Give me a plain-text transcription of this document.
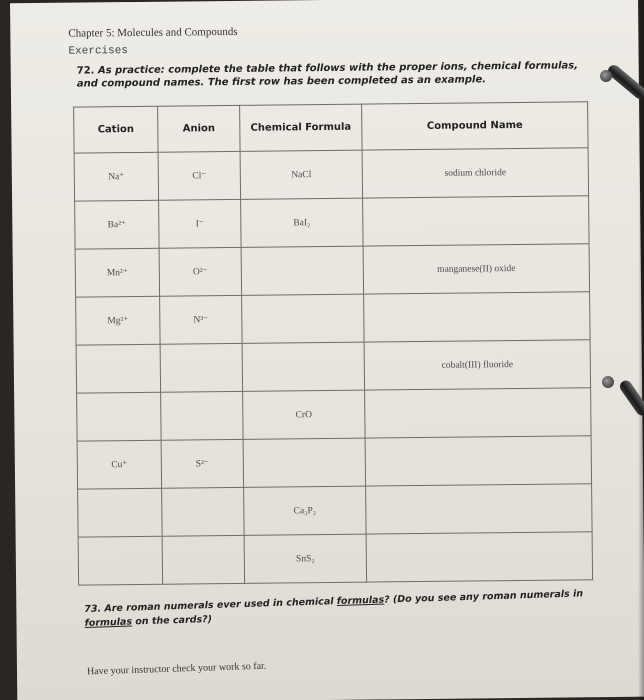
Chapter 5: Molecules and Compounds
Exercises
72. As practice: complete the table that follows with the proper ions, chemical formulas, and compound names. The first row has been completed as an example.
Cation	Anion	Chemical Formula	Compound Name
Na⁺	Cl⁻	NaCl	sodium chloride
Ba²⁺	I⁻	BaI₂	
Mn²⁺	O²⁻		manganese(II) oxide
Mg²⁺	N³⁻		
			cobalt(III) fluoride
		CrO	
Cu⁺	S²⁻		
		Ca₃P₂	
		SnS₂	
73. Are roman numerals ever used in chemical formulas? (Do you see any roman numerals in formulas on the cards?)
Have your instructor check your work so far.
